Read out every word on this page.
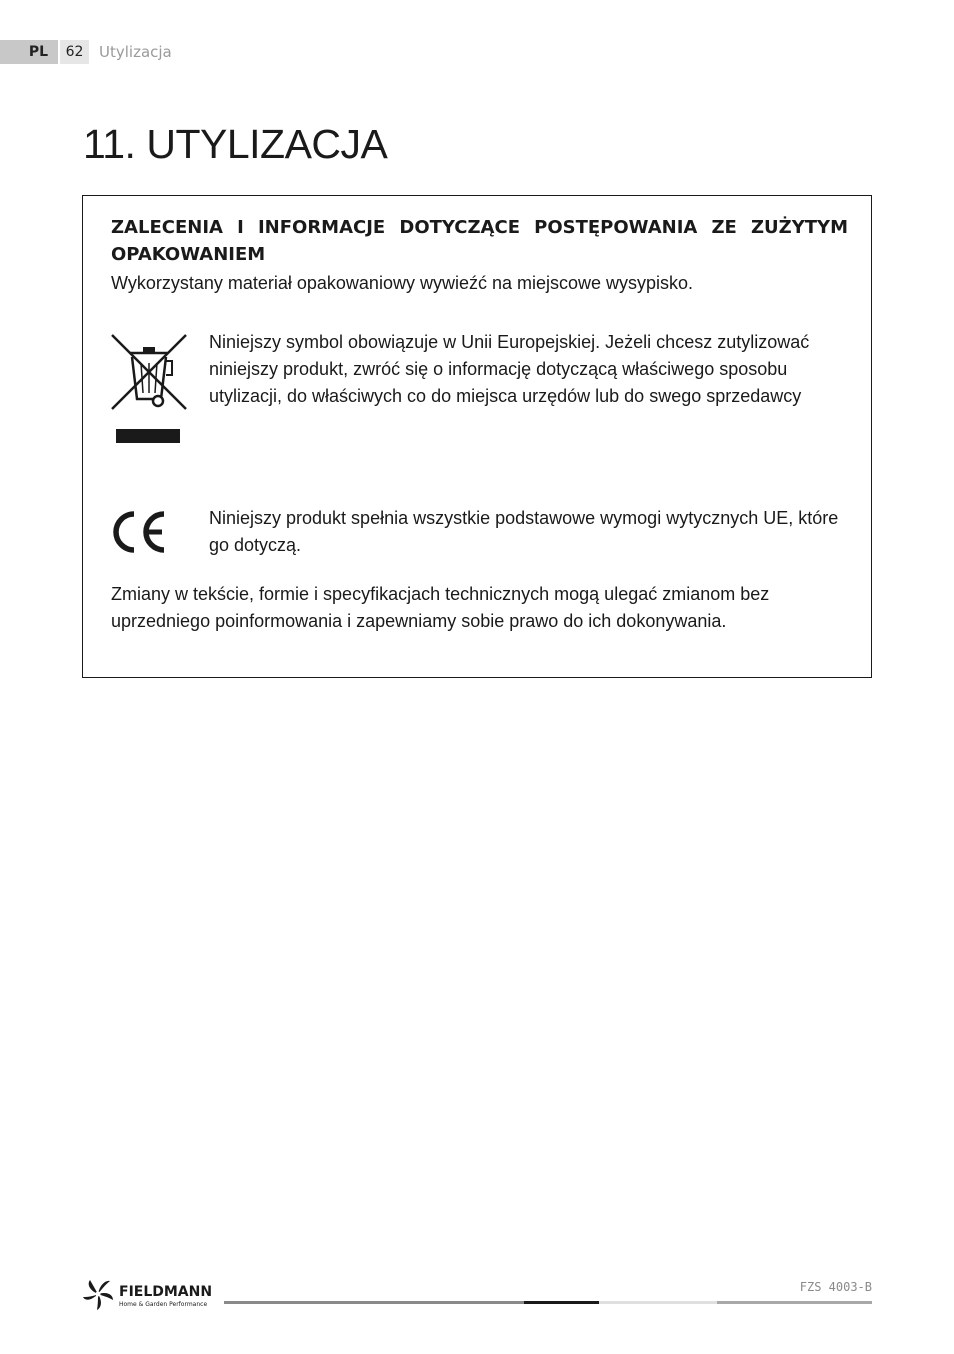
PL	62	Utylizacja
11. UTYLIZACJA

ZALECENIA I INFORMACJE DOTYCZĄCE POSTĘPOWANIA ZE ZUŻYTYM OPAKOWANIEM

Wykorzystany materiał opakowaniowy wywieźć na miejscowe wysypisko.

Niniejszy symbol obowiązuje w Unii Europejskiej. Jeżeli chcesz zutylizować niniejszy produkt, zwróć się o informację dotyczącą właściwego sposobu utylizacji, do właściwych co do miejsca urzędów lub do swego sprzedawcy

Niniejszy produkt spełnia wszystkie podstawowe wymogi wytycznych UE, które go dotyczą.

Zmiany w tekście, formie i specyfikacjach technicznych mogą ulegać zmianom bez uprzedniego poinformowania i zapewniamy sobie prawo do ich dokonywania.

FIELDMANN
Home & Garden Performance
FZS 4003-B
